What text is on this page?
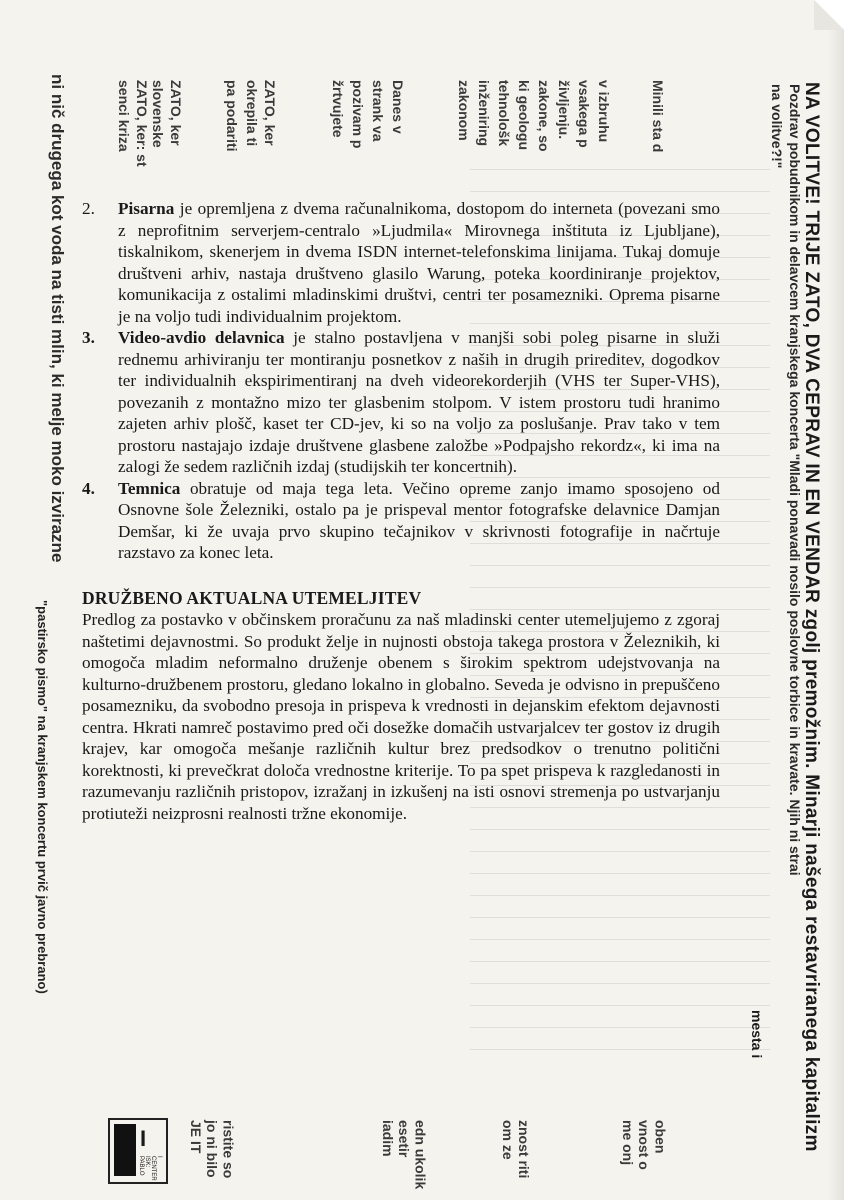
NA VOLITVE! TRIJE ZATO, DVA CEPRAV IN EN VENDAR zgolj premožnim. Minarji našega restavriranega kapitalizm
Pozdrav pobudnikom in delavcem kranjskega koncerta "Mladi ponavadi nosilo poslovne torbice in kravate. Njih ni strai
na volitve?!"
mesta i
"pastirsko pismo" na kranjskem koncertu prvič javno prebrano)
ni nič drugega kot voda na tisti mlin, ki melje moko izvirazne	ZATO, ker: st
senci kriza slovenske ZATO, ker	pa podariti okrepila ti ZATO, ker	žrtvujete pozivam p strank va Danes v	zakonom inženiring tehnološk ki geologu zakone, so življenju. vsakega p v izbruhu	Minili sta d
ristite so jo ni bilo JE IT	edn ukolik esetir iadim	znost riti om ze	oben vnost o me onj
I
I CENTER ISK: PABLO

2. Pisarna je opremljena z dvema računalnikoma, dostopom do interneta (povezani smo z neprofitnim serverjem-centralo »Ljudmila« Mirovnega inštituta iz Ljubljane), tiskalnikom, skenerjem in dvema ISDN internet-telefonskima linijama. Tukaj domuje društveni arhiv, nastaja društveno glasilo Warung, poteka koordiniranje projektov, komunikacija z ostalimi mladinskimi društvi, centri ter posamezniki. Oprema pisarne je na voljo tudi individualnim projektom.

3. Video-avdio delavnica je stalno postavljena v manjši sobi poleg pisarne in služi rednemu arhiviranju ter montiranju posnetkov z naših in drugih prireditev, dogodkov ter individualnih ekspirimentiranj na dveh videorekorderjih (VHS ter Super-VHS), povezanih z montažno mizo ter glasbenim stolpom. V istem prostoru tudi hranimo zajeten arhiv plošč, kaset ter CD-jev, ki so na voljo za poslušanje. Prav tako v tem prostoru nastajajo izdaje društvene glasbene založbe »Podpajsho rekordz«, ki ima na zalogi že sedem različnih izdaj (studijskih ter koncertnih).

4. Temnica obratuje od maja tega leta. Večino opreme zanjo imamo sposojeno od Osnovne šole Železniki, ostalo pa je prispeval mentor fotografske delavnice Damjan Demšar, ki že uvaja prvo skupino tečajnikov v skrivnosti fotografije in načrtuje razstavo za konec leta.

DRUŽBENO AKTUALNA UTEMELJITEV

Predlog za postavko v občinskem proračunu za naš mladinski center utemeljujemo z zgoraj naštetimi dejavnostmi. So produkt želje in nujnosti obstoja takega prostora v Železnikih, ki omogoča mladim neformalno druženje obenem s širokim spektrom udejstvovanja na kulturno-družbenem prostoru, gledano lokalno in globalno. Seveda je odvisno in prepuščeno posamezniku, da svobodno presoja in prispeva k vrednosti in dejanskim efektom dejavnosti centra. Hkrati namreč postavimo pred oči dosežke domačih ustvarjalcev ter gostov iz drugih krajev, kar omogoča mešanje različnih kultur brez predsodkov o trenutno politični korektnosti, ki prevečkrat določa vrednostne kriterije. To pa spet prispeva k razgledanosti in razumevanju različnih pristopov, izražanj in izkušenj na isti osnovi stremenja po ustvarjanju protiuteži neizprosni realnosti tržne ekonomije.
